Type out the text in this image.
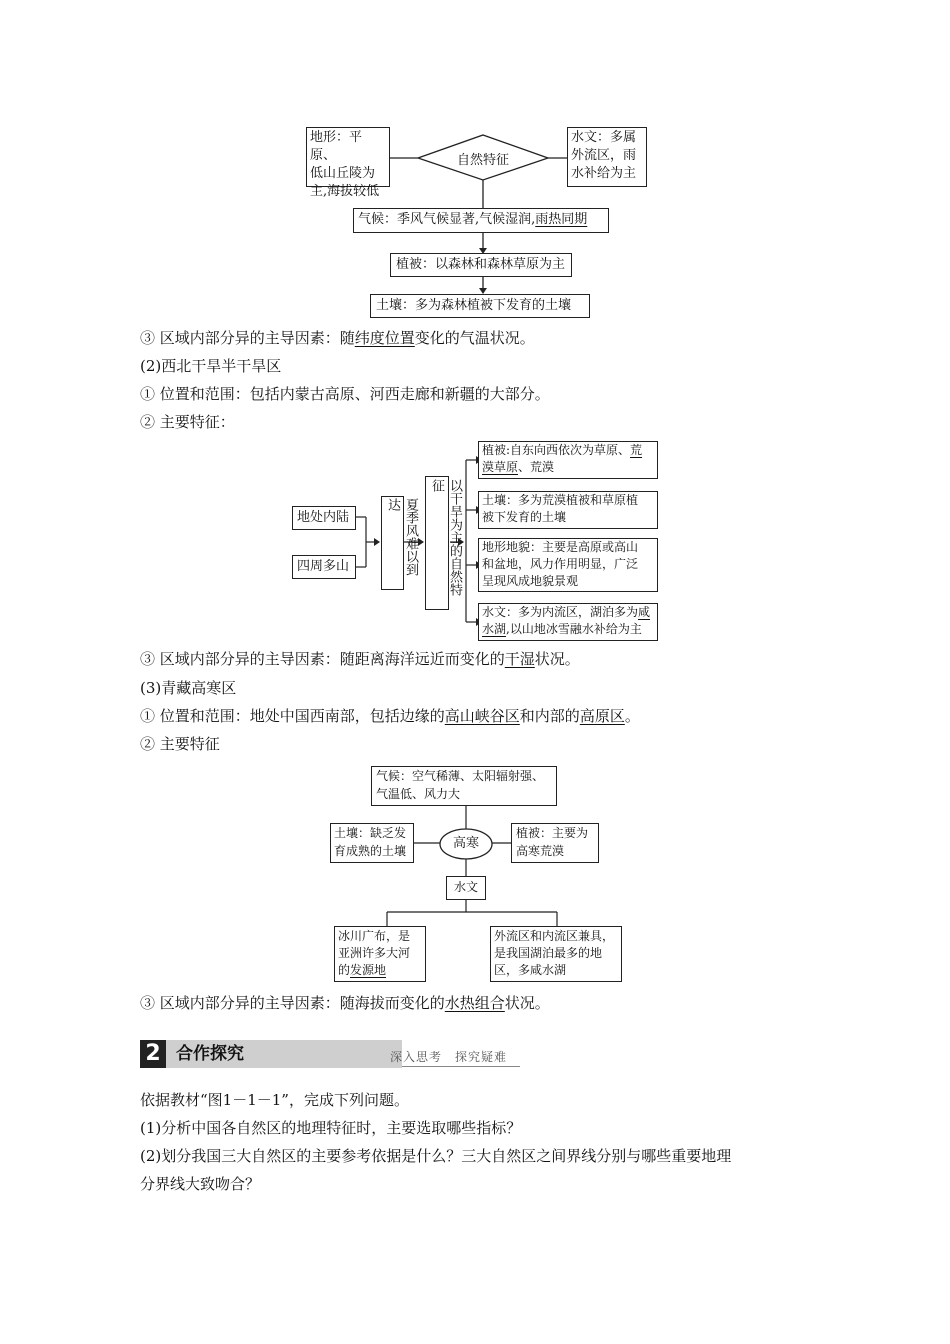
地形：平原、
低山丘陵为
主,海拔较低
自然特征
水文：多属
外流区，雨
水补给为主
气候：季风气候显著,气候湿润,雨热同期
植被：以森林和森林草原为主
土壤：多为森林植被下发育的土壤
③ 区域内部分异的主导因素：随纬度位置变化的气温状况。
(2)西北干旱半干旱区
① 位置和范围：包括内蒙古高原、河西走廊和新疆的大部分。
② 主要特征：
地处内陆
四周多山	夏季风难以到达	以干旱为主的自然特征
植被:自东向西依次为草原、荒
漠草原、荒漠
土壤：多为荒漠植被和草原植
被下发育的土壤
地形地貌：主要是高原或高山
和盆地，风力作用明显，广泛
呈现风成地貌景观
水文：多为内流区，湖泊多为咸
水湖,以山地冰雪融水补给为主
③ 区域内部分异的主导因素：随距离海洋远近而变化的干湿状况。
(3)青藏高寒区
① 位置和范围：地处中国西南部，包括边缘的高山峡谷区和内部的高原区。
② 主要特征
气候：空气稀薄、太阳辐射强、
气温低、风力大
土壤：缺乏发
育成熟的土壤	高寒
植被：主要为
高寒荒漠
水文
冰川广布，是
亚洲许多大河
的发源地
外流区和内流区兼具，
是我国湖泊最多的地
区，多咸水湖
③ 区域内部分异的主导因素：随海拔而变化的水热组合状况。
2 合作探究	深入思考　探究疑难
依据教材“图1－1－1”，完成下列问题。
(1)分析中国各自然区的地理特征时，主要选取哪些指标？
(2)划分我国三大自然区的主要参考依据是什么？三大自然区之间界线分别与哪些重要地理
分界线大致吻合？
